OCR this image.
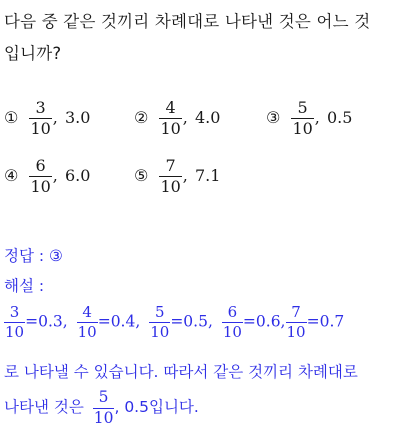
다음 중 같은 것끼리 차례대로 나타낸 것은 어느 것
입니까?
① $\frac{3}{10}$ , 3.0	② $\frac{4}{10}$ , 4.0	③ $\frac{5}{10}$ , 0.5
④ $\frac{6}{10}$ , 6.0	⑤ $\frac{7}{10}$ , 7.1
정답 : ③
해설 :
$\frac{3}{10} =0.3$, $\frac{4}{10} =0.4$, $\frac{5}{10} =0.5$, $\frac{6}{10} =0.6$, $\frac{7}{10} =0.7$
로 나타낼 수 있습니다. 따라서 같은 것끼리 차례대로
나타낸 것은 $\frac{5}{10}$ , 0.5입니다.
